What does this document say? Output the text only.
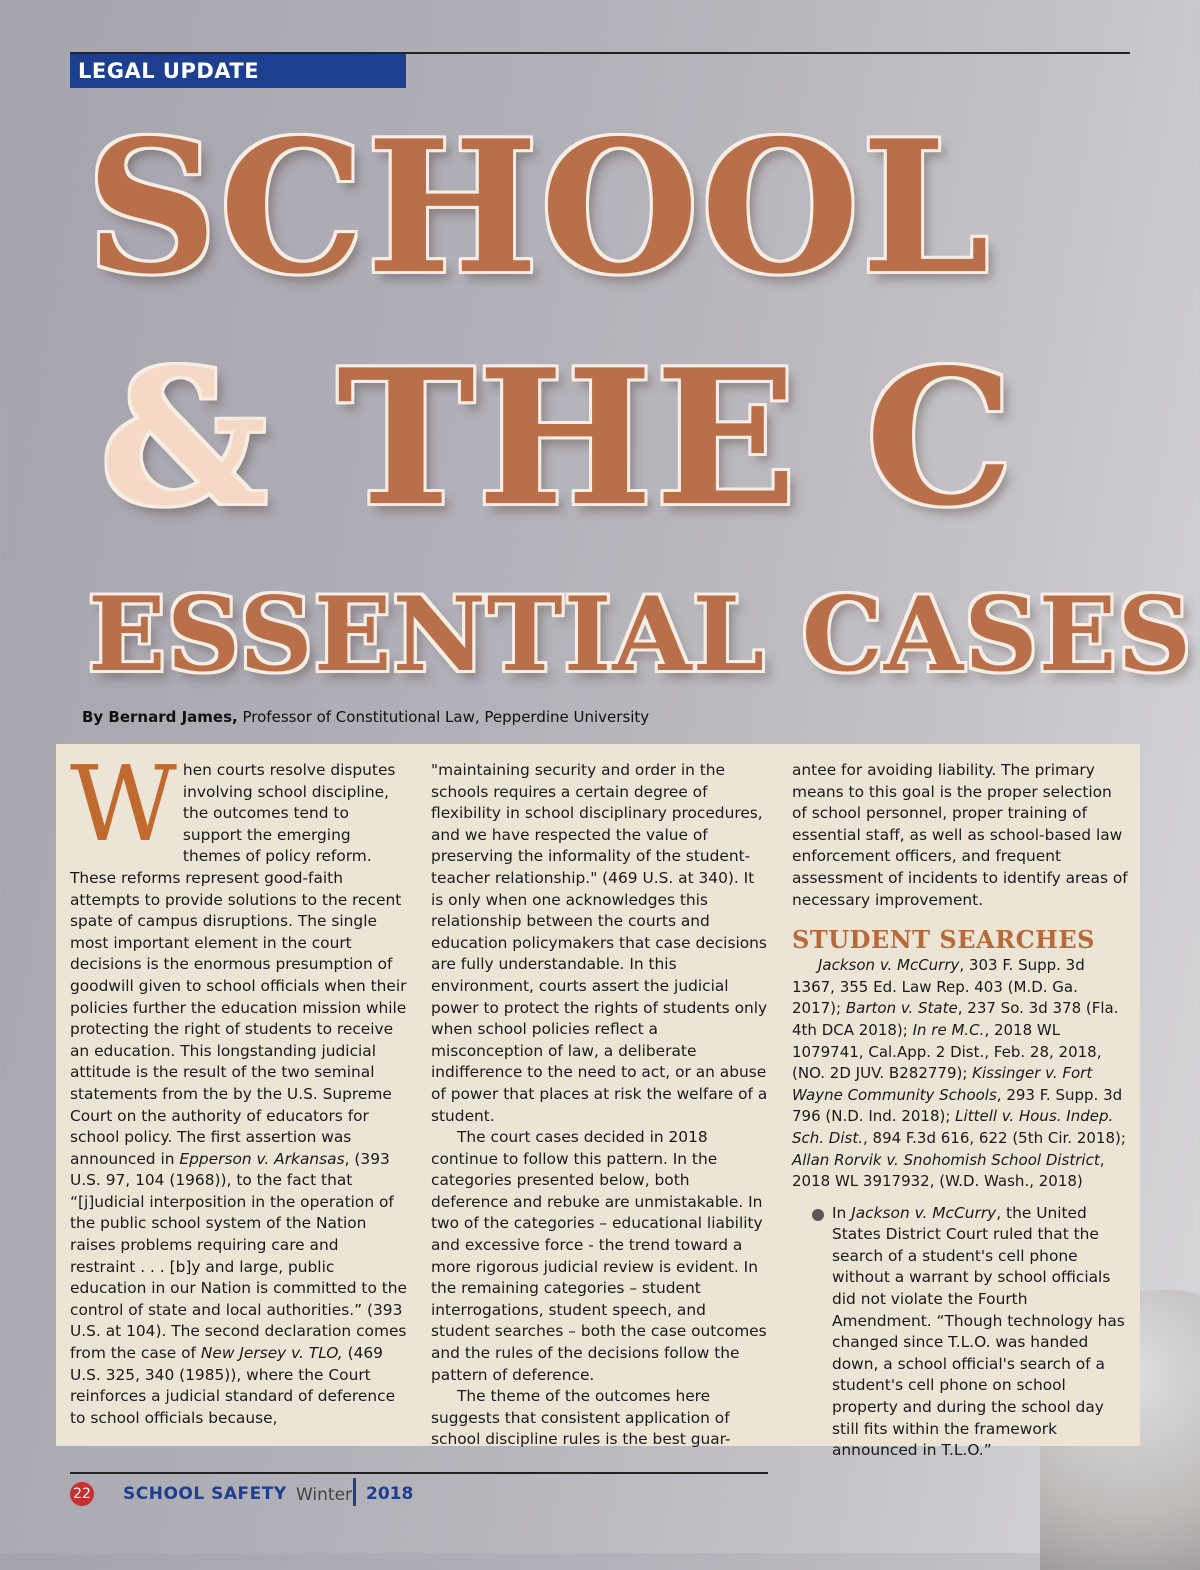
LEGAL UPDATE
SCHOOL
& THE C
ESSENTIAL CASES
By Bernard James, Professor of Constitutional Law, Pepperdine University

When courts resolve disputes involving school discipline, the outcomes tend to support the emerging themes of policy reform. These reforms represent good-faith attempts to provide solutions to the recent spate of campus disruptions. The single most important element in the court decisions is the enormous presumption of goodwill given to school officials when their policies further the education mission while protecting the right of students to receive an education. This longstanding judicial attitude is the result of the two seminal statements from the by the U.S. Supreme Court on the authority of educators for school policy. The first assertion was announced in Epperson v. Arkansas, (393 U.S. 97, 104 (1968)), to the fact that “[j]udicial interposition in the operation of the public school system of the Nation raises problems requiring care and restraint . . . [b]y and large, public education in our Nation is committed to the control of state and local authorities.” (393 U.S. at 104). The second declaration comes from the case of New Jersey v. TLO, (469 U.S. 325, 340 (1985)), where the Court reinforces a judicial standard of deference to school officials because,

"maintaining security and order in the schools requires a certain degree of flexibility in school disciplinary procedures, and we have respected the value of preserving the informality of the student-teacher relationship." (469 U.S. at 340). It is only when one acknowledges this relationship between the courts and education policymakers that case decisions are fully understandable. In this environment, courts assert the judicial power to protect the rights of students only when school policies reflect a misconception of law, a deliberate indifference to the need to act, or an abuse of power that places at risk the welfare of a student.

The court cases decided in 2018 continue to follow this pattern. In the categories presented below, both deference and rebuke are unmistakable. In two of the categories – educational liability and excessive force - the trend toward a more rigorous judicial review is evident. In the remaining categories – student interrogations, student speech, and student searches – both the case outcomes and the rules of the decisions follow the pattern of deference.

The theme of the outcomes here suggests that consistent application of school discipline rules is the best guar-

antee for avoiding liability. The primary means to this goal is the proper selection of school personnel, proper training of essential staff, as well as school-based law enforcement officers, and frequent assessment of incidents to identify areas of necessary improvement.

STUDENT SEARCHES

Jackson v. McCurry, 303 F. Supp. 3d 1367, 355 Ed. Law Rep. 403 (M.D. Ga. 2017); Barton v. State, 237 So. 3d 378 (Fla. 4th DCA 2018); In re M.C., 2018 WL 1079741, Cal.App. 2 Dist., Feb. 28, 2018, (NO. 2D JUV. B282779); Kissinger v. Fort Wayne Community Schools, 293 F. Supp. 3d 796 (N.D. Ind. 2018); Littell v. Hous. Indep. Sch. Dist., 894 F.3d 616, 622 (5th Cir. 2018); Allan Rorvik v. Snohomish School District, 2018 WL 3917932, (W.D. Wash., 2018)

In Jackson v. McCurry, the United States District Court ruled that the search of a student's cell phone without a warrant by school officials did not violate the Fourth Amendment. “Though technology has changed since T.L.O. was handed down, a school official's search of a student's cell phone on school property and during the school day still fits within the framework announced in T.L.O.”

22 SCHOOL SAFETY Winter 2018
